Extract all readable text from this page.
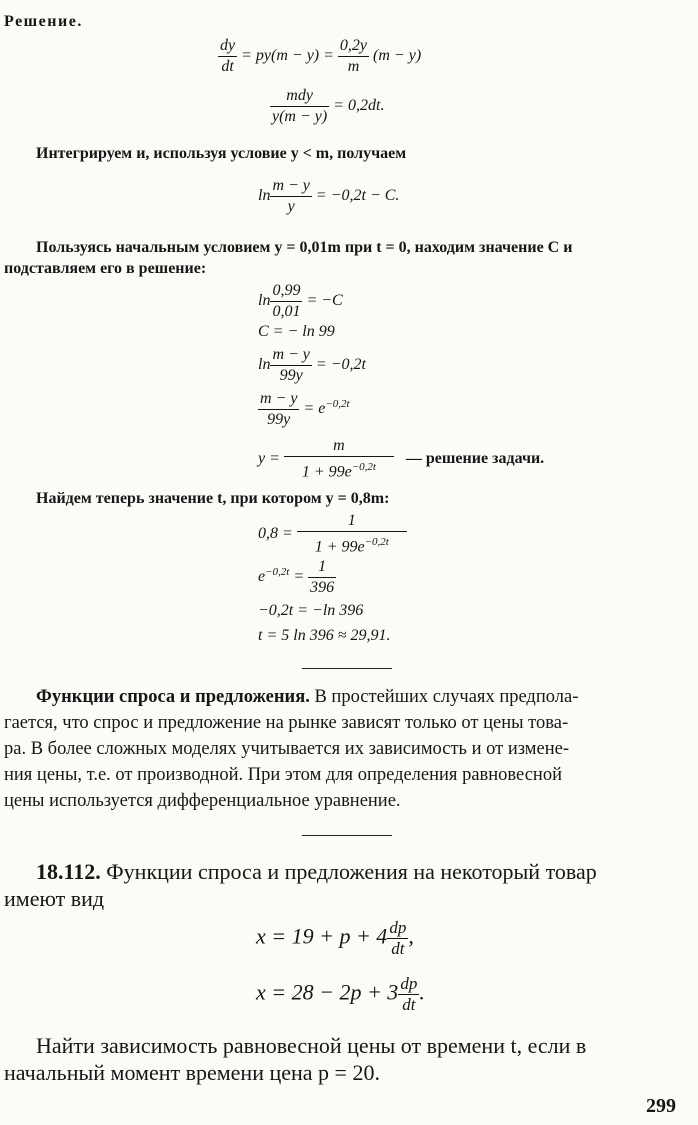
Решение.
$\frac{dy}{dt} = py(m - y) = \frac{0,2y}{m} (m - y)$
$\frac{\text{mdy}}{y(m - y)} = 0,2dt$.
Интегрируем и, используя условие y < m, получаем
$\ln \frac{m - y}{y} = -0,2t - C$.
Пользуясь начальным условием y = 0,01m при t = 0, находим значение C и
подставляем его в решение:
$\ln \frac{0,99}{0,01} = -C$
C = − ln 99
$\ln \frac{m - y}{99y} = -0,2t$
$\frac{m - y}{99y} = e^{-0,2t}$
$y = \frac{m}{1 + 99e^{-0,2t}}$ — решение задачи.
Найдем теперь значение t, при котором y = 0,8m:
$0,8 = \frac{1}{1 + 99e^{-0,2t}}$
$e^{-0,2t} = \frac{1}{396}$
−0,2t = −ln 396
t = 5 ln 396 ≈ 29,91.
Функции спроса и предложения. В простейших случаях предпола-
гается, что спрос и предложение на рынке зависят только от цены това-
ра. В более сложных моделях учитывается их зависимость и от измене-
ния цены, т.е. от производной. При этом для определения равновесной
цены используется дифференциальное уравнение.
18.112. Функции спроса и предложения на некоторый товар
имеют вид
$x = 19 + p + 4 \frac{dp}{dt}$ ,
$x = 28 - 2p + 3 \frac{dp}{dt}$ .
Найти зависимость равновесной цены от времени t, если в
начальный момент времени цена p = 20.
299
